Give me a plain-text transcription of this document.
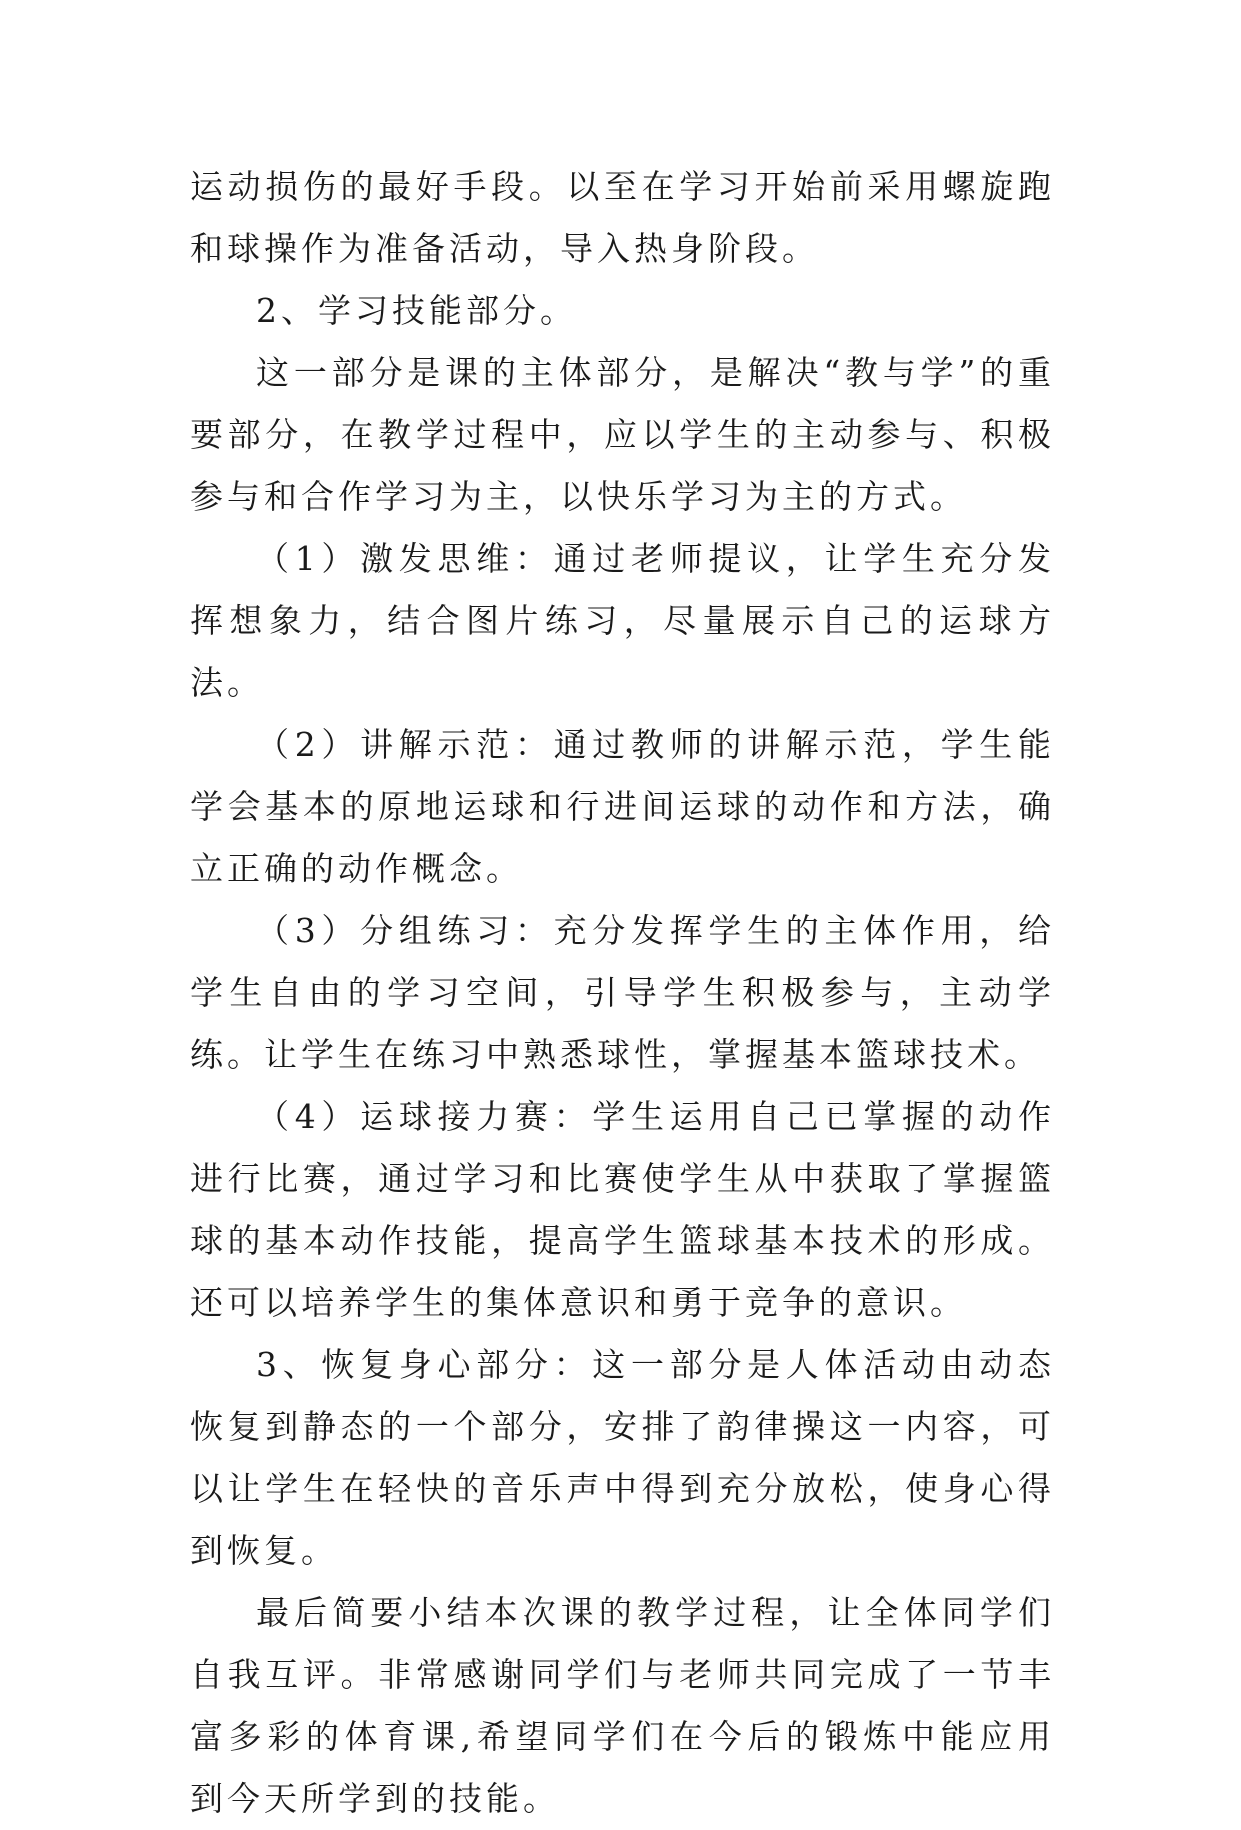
运动损伤的最好手段。以至在学习开始前采用螺旋跑和球操作为准备活动，导入热身阶段。

2、学习技能部分。

这一部分是课的主体部分，是解决“教与学”的重要部分，在教学过程中，应以学生的主动参与、积极参与和合作学习为主，以快乐学习为主的方式。

（1）激发思维：通过老师提议，让学生充分发挥想象力，结合图片练习，尽量展示自己的运球方法。

（2）讲解示范：通过教师的讲解示范，学生能学会基本的原地运球和行进间运球的动作和方法，确立正确的动作概念。

（3）分组练习：充分发挥学生的主体作用，给学生自由的学习空间，引导学生积极参与，主动学练。让学生在练习中熟悉球性，掌握基本篮球技术。

（4）运球接力赛：学生运用自己已掌握的动作进行比赛，通过学习和比赛使学生从中获取了掌握篮球的基本动作技能，提高学生篮球基本技术的形成。还可以培养学生的集体意识和勇于竞争的意识。

3、恢复身心部分：这一部分是人体活动由动态恢复到静态的一个部分，安排了韵律操这一内容，可以让学生在轻快的音乐声中得到充分放松，使身心得到恢复。

最后简要小结本次课的教学过程，让全体同学们自我互评。非常感谢同学们与老师共同完成了一节丰富多彩的体育课,希望同学们在今后的锻炼中能应用到今天所学到的技能。
